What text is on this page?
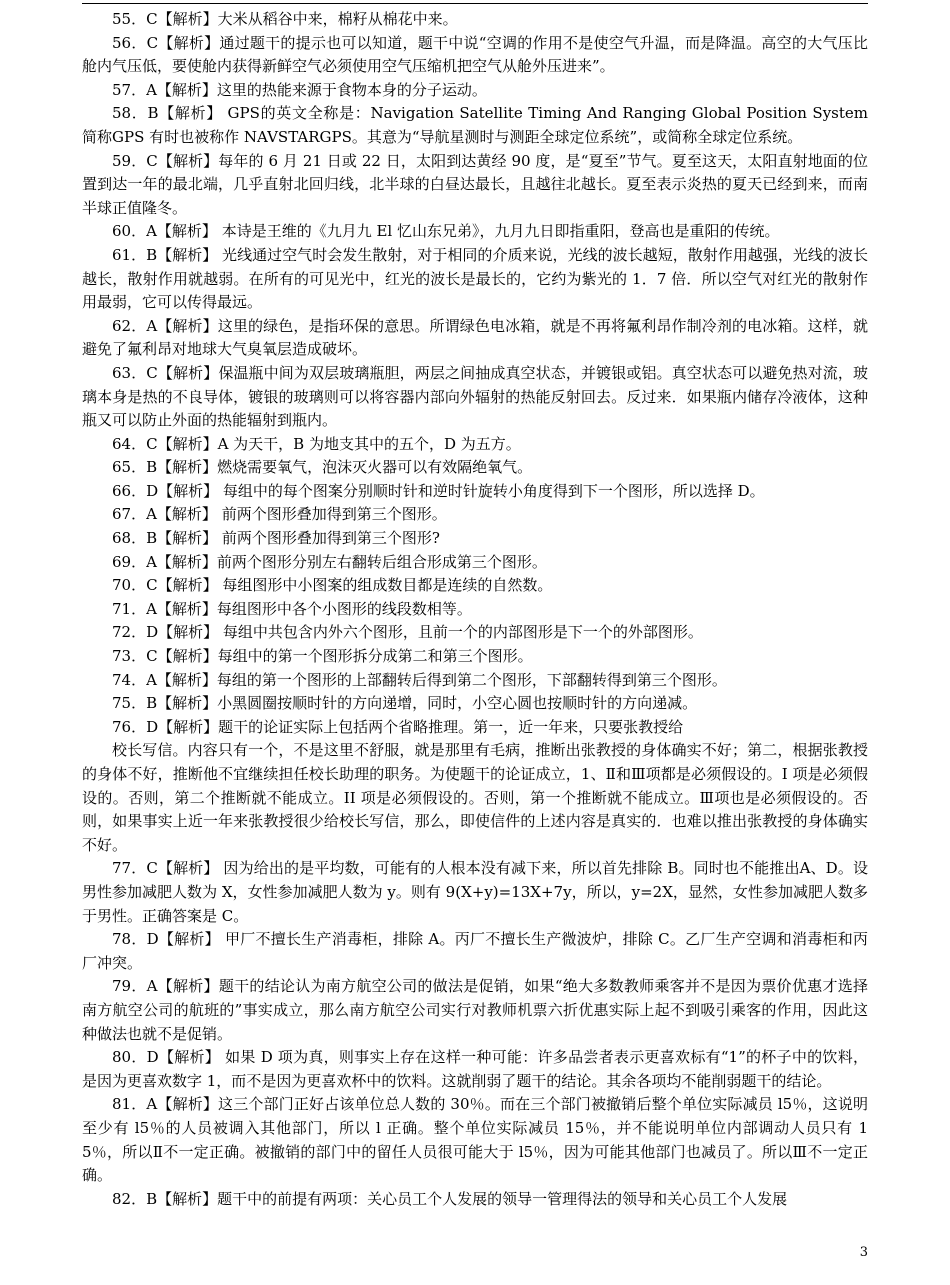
55．C【解析】大米从稻谷中来，棉籽从棉花中来。

56．C【解析】通过题干的提示也可以知道，题干中说“空调的作用不是使空气升温，而是降温。高空的大气压比舱内气压低，要使舱内获得新鲜空气必须使用空气压缩机把空气从舱外压进来”。

57．A【解析】这里的热能来源于食物本身的分子运动。

58．B【解析】 GPS的英文全称是：Navigation Satellite Timing And Ranging Global Position System 简称GPS 有时也被称作 NAVSTARGPS。其意为“导航星测时与测距全球定位系统”，或简称全球定位系统。

59．C【解析】每年的 6 月 21 日或 22 日，太阳到达黄经 90 度，是“夏至”节气。夏至这天，太阳直射地面的位置到达一年的最北端，几乎直射北回归线，北半球的白昼达最长，且越往北越长。夏至表示炎热的夏天已经到来，而南半球正值隆冬。

60．A【解析】 本诗是王维的《九月九 El 忆山东兄弟》，九月九日即指重阳，登高也是重阳的传统。

61．B【解析】 光线通过空气时会发生散射，对于相同的介质来说，光线的波长越短，散射作用越强，光线的波长越长，散射作用就越弱。在所有的可见光中，红光的波长是最长的，它约为紫光的 1．7 倍．所以空气对红光的散射作用最弱，它可以传得最远。

62．A【解析】这里的绿色，是指环保的意思。所谓绿色电冰箱，就是不再将氟利昂作制冷剂的电冰箱。这样，就避免了氟利昂对地球大气臭氧层造成破坏。

63．C【解析】保温瓶中间为双层玻璃瓶胆，两层之间抽成真空状态，并镀银或铝。真空状态可以避免热对流，玻璃本身是热的不良导体，镀银的玻璃则可以将容器内部向外辐射的热能反射回去。反过来．如果瓶内储存冷液体，这种瓶又可以防止外面的热能辐射到瓶内。

64．C【解析】A 为天干，B 为地支其中的五个，D 为五方。

65．B【解析】燃烧需要氧气，泡沫灭火器可以有效隔绝氧气。

66．D【解析】 每组中的每个图案分别顺时针和逆时针旋转小角度得到下一个图形，所以选择 D。

67．A【解析】 前两个图形叠加得到第三个图形。

68．B【解析】 前两个图形叠加得到第三个图形?

69．A【解析】前两个图形分别左右翻转后组合形成第三个图形。

70．C【解析】 每组图形中小图案的组成数目都是连续的自然数。

71．A【解析】每组图形中各个小图形的线段数相等。

72．D【解析】 每组中共包含内外六个图形，且前一个的内部图形是下一个的外部图形。

73．C【解析】每组中的第一个图形拆分成第二和第三个图形。

74．A【解析】每组的第一个图形的上部翻转后得到第二个图形，下部翻转得到第三个图形。

75．B【解析】小黑圆圈按顺时针的方向递增，同时，小空心圆也按顺时针的方向递减。

76．D【解析】题干的论证实际上包括两个省略推理。第一，近一年来，只要张教授给

校长写信。内容只有一个，不是这里不舒服，就是那里有毛病，推断出张教授的身体确实不好；第二，根据张教授的身体不好，推断他不宜继续担任校长助理的职务。为使题干的论证成立，1、Ⅱ和Ⅲ项都是必须假设的。I 项是必须假设的。否则，第二个推断就不能成立。II 项是必须假设的。否则，第一个推断就不能成立。Ⅲ项也是必须假设的。否则，如果事实上近一年来张教授很少给校长写信，那么，即使信件的上述内容是真实的．也难以推出张教授的身体确实不好。

77．C【解析】 因为给出的是平均数，可能有的人根本没有减下来，所以首先排除 B。同时也不能推出A、D。设男性参加减肥人数为 X，女性参加减肥人数为 y。则有 9(X+y)=13X+7y，所以，y=2X，显然，女性参加减肥人数多于男性。正确答案是 C。

78．D【解析】 甲厂不擅长生产消毒柜，排除 A。丙厂不擅长生产微波炉，排除 C。乙厂生产空调和消毒柜和丙厂冲突。

79．A【解析】题干的结论认为南方航空公司的做法是促销，如果“绝大多数教师乘客并不是因为票价优惠才选择南方航空公司的航班的”事实成立，那么南方航空公司实行对教师机票六折优惠实际上起不到吸引乘客的作用，因此这种做法也就不是促销。

80．D【解析】 如果 D 项为真，则事实上存在这样一种可能：许多品尝者表示更喜欢标有“1”的杯子中的饮料，是因为更喜欢数字 1，而不是因为更喜欢杯中的饮料。这就削弱了题干的结论。其余各项均不能削弱题干的结论。

81．A【解析】这三个部门正好占该单位总人数的 30％。而在三个部门被撤销后整个单位实际减员 l5％，这说明至少有 l5％的人员被调入其他部门，所以 l 正确。整个单位实际减员 15％，并不能说明单位内部调动人员只有 15％，所以Ⅱ不一定正确。被撤销的部门中的留任人员很可能大于 l5％，因为可能其他部门也减员了。所以Ⅲ不一定正确。

82．B【解析】题干中的前提有两项：关心员工个人发展的领导一管理得法的领导和关心员工个人发展

3
